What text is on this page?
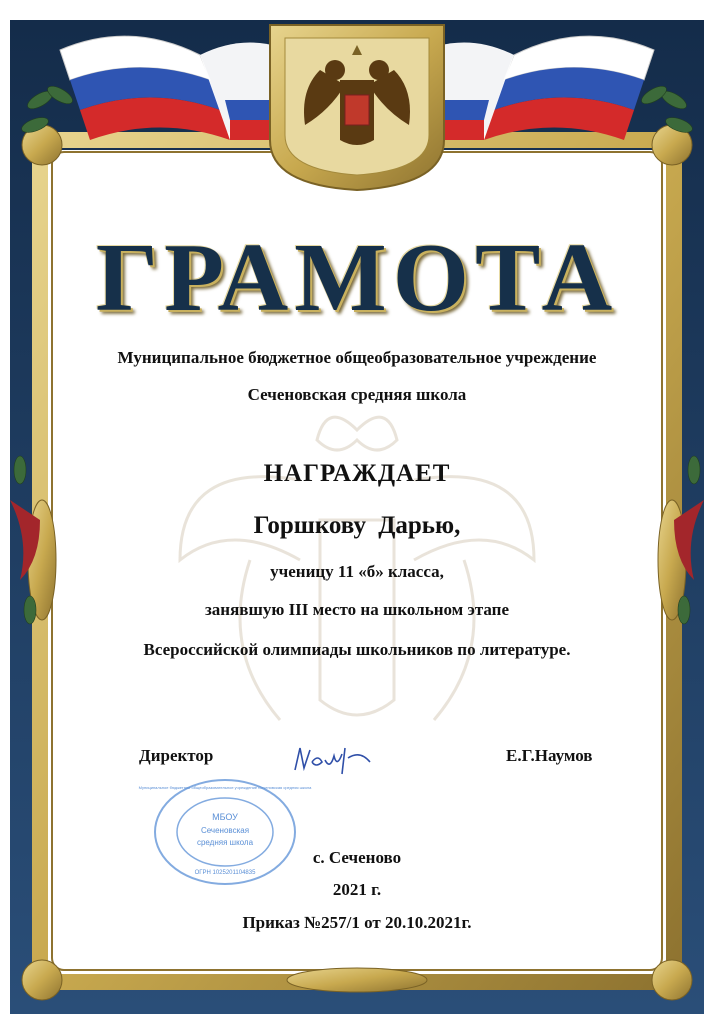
МБОУ
Сеченовская
средняя школа
ОГРН 1025201104835
Муниципальное бюджетное общеобразовательное учреждение Сеченовская средняя школа
ГРАМОТА
Муниципальное бюджетное общеобразовательное учреждение
Сеченовская средняя школа
НАГРАЖДАЕТ
Горшкову Дарью,
ученицу 11 «б» класса,
занявшую III место на школьном этапе
Всероссийской олимпиады школьников по литературе.
Директор	Е.Г.Наумов
с. Сеченово
2021 г.
Приказ №257/1 от 20.10.2021г.
